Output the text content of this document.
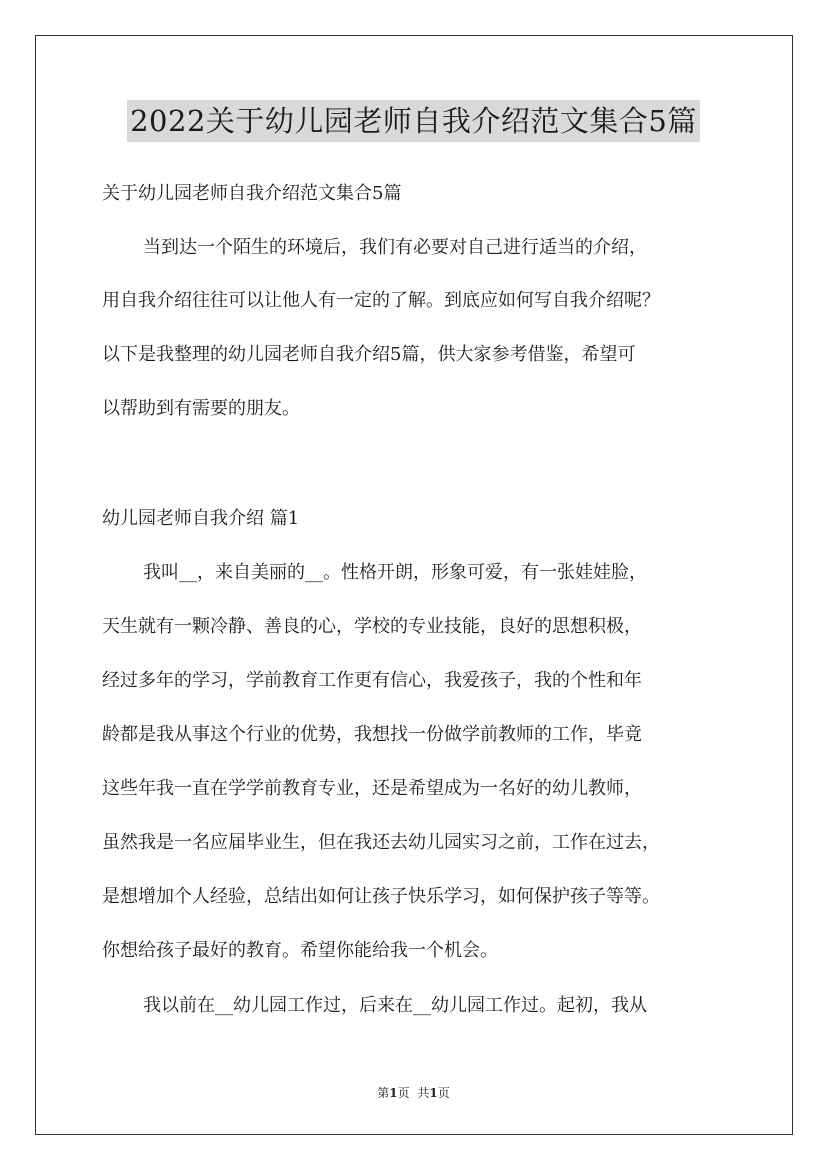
2022关于幼儿园老师自我介绍范文集合5篇
关于幼儿园老师自我介绍范文集合5篇
当到达一个陌生的环境后，我们有必要对自己进行适当的介绍，
用自我介绍往往可以让他人有一定的了解。到底应如何写自我介绍呢？
以下是我整理的幼儿园老师自我介绍5篇，供大家参考借鉴，希望可
以帮助到有需要的朋友。
幼儿园老师自我介绍 篇1
我叫__，来自美丽的__。性格开朗，形象可爱，有一张娃娃脸，
天生就有一颗冷静、善良的心，学校的专业技能，良好的思想积极，
经过多年的学习，学前教育工作更有信心，我爱孩子，我的个性和年
龄都是我从事这个行业的优势，我想找一份做学前教师的工作，毕竟
这些年我一直在学学前教育专业，还是希望成为一名好的幼儿教师，
虽然我是一名应届毕业生，但在我还去幼儿园实习之前，工作在过去，
是想增加个人经验，总结出如何让孩子快乐学习，如何保护孩子等等。
你想给孩子最好的教育。希望你能给我一个机会。
我以前在__幼儿园工作过，后来在__幼儿园工作过。起初，我从
第1页 共1页
